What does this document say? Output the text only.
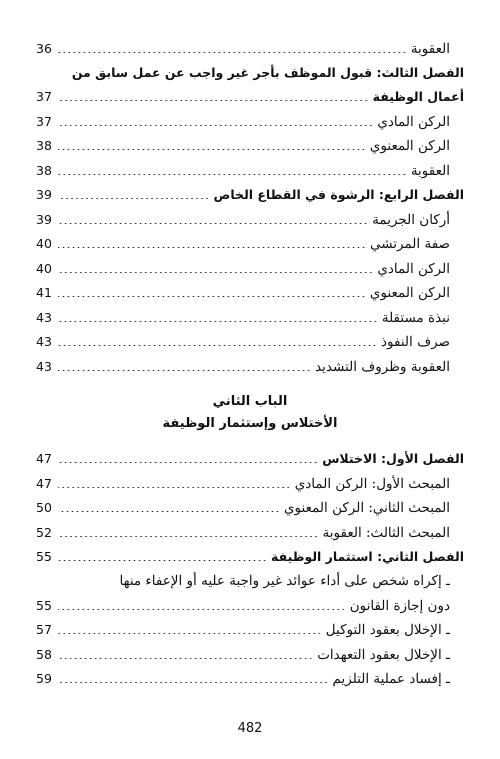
العقوبة
36
الفصل الثالث: قبول الموظف بأجر غير واجب عن عمل سابق من
أعمال الوظيفة
37
الركن المادي
37
الركن المعنوي
38
العقوبة
38
الفصل الرابع: الرشوة في القطاع الخاص
39
أركان الجريمة
39
صفة المرتشي
40
الركن المادي
40
الركن المعنوي
41
نبذة مستقلة
43
صرف النفوذ
43
العقوبة وظروف التشديد
43
الباب الثاني
الأختلاس وإستثمار الوظيفة
الفصل الأول: الاختلاس
47
المبحث الأول: الركن المادي
47
المبحث الثاني: الركن المعنوي
50
المبحث الثالث: العقوبة
52
الفصل الثاني: استثمار الوظيفة
55
ـ إكراه شخص على أداء عوائد غير واجبة عليه أو الإعفاء منها
دون إجازة القانون
55
ـ الإخلال بعقود التوكيل
57
ـ الإخلال بعقود التعهدات
58
ـ إفساد عملية التلزيم
59
482
